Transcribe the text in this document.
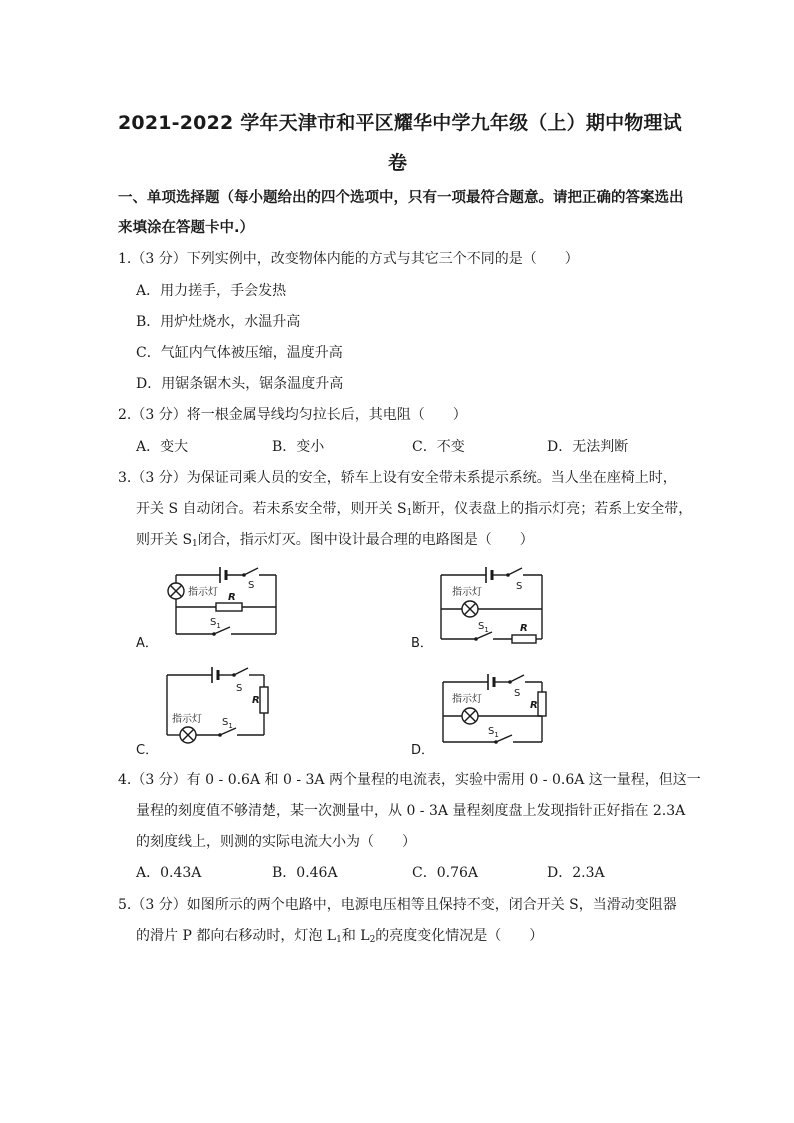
2021-2022 学年天津市和平区耀华中学九年级（上）期中物理试
卷
一、单项选择题（每小题给出的四个选项中，只有一项最符合题意。请把正确的答案选出
来填涂在答题卡中.）
1.（3 分）下列实例中，改变物体内能的方式与其它三个不同的是（　　）
A．用力搓手，手会发热
B．用炉灶烧水，水温升高
C．气缸内气体被压缩，温度升高
D．用锯条锯木头，锯条温度升高
2.（3 分）将一根金属导线均匀拉长后，其电阻（　　）
A．变大	B．变小	C．不变	D．无法判断
3.（3 分）为保证司乘人员的安全，轿车上设有安全带未系提示系统。当人坐在座椅上时，
开关 S 自动闭合。若未系安全带，则开关 $S_1$断开，仪表盘上的指示灯亮；若系上安全带，
则开关 $S_1$闭合，指示灯灭。图中设计最合理的电路图是（　　）
A．	B．
C．	D．
指示灯 R
S
$S_1$
S
指示灯
R
$S_1$
R
S
指示灯 $S_1$
R
S
指示灯
$S_1$
4.（3 分）有 0 - 0.6A 和 0 - 3A 两个量程的电流表，实验中需用 0 - 0.6A 这一量程，但这一
量程的刻度值不够清楚，某一次测量中，从 0 - 3A 量程刻度盘上发现指针正好指在 2.3A
的刻度线上，则测的实际电流大小为（　　）
A．0.43A	B．0.46A	C．0.76A	D．2.3A
5.（3 分）如图所示的两个电路中，电源电压相等且保持不变，闭合开关 S，当滑动变阻器
的滑片 P 都向右移动时，灯泡 $L_1$和 $L_2$的亮度变化情况是（　　）
